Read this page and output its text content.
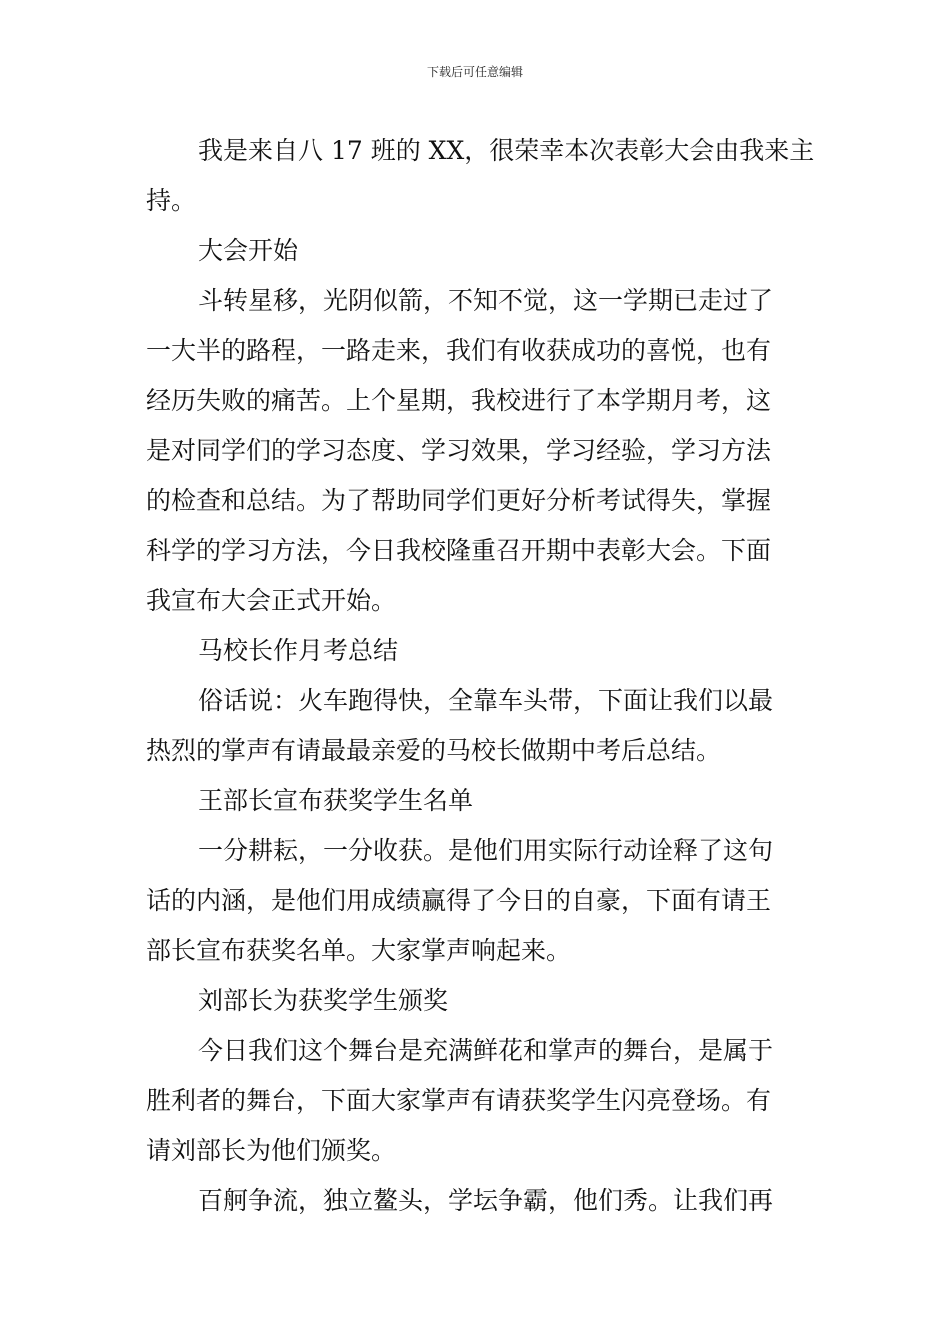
下载后可任意编辑

我是来自八 17 班的 XX，很荣幸本次表彰大会由我来主
持。

大会开始

斗转星移，光阴似箭，不知不觉，这一学期已走过了
一大半的路程，一路走来，我们有收获成功的喜悦，也有
经历失败的痛苦。上个星期，我校进行了本学期月考，这
是对同学们的学习态度、学习效果，学习经验，学习方法
的检查和总结。为了帮助同学们更好分析考试得失，掌握
科学的学习方法，今日我校隆重召开期中表彰大会。下面
我宣布大会正式开始。

马校长作月考总结

俗话说：火车跑得快，全靠车头带，下面让我们以最
热烈的掌声有请最最亲爱的马校长做期中考后总结。

王部长宣布获奖学生名单

一分耕耘，一分收获。是他们用实际行动诠释了这句
话的内涵，是他们用成绩赢得了今日的自豪，下面有请王
部长宣布获奖名单。大家掌声响起来。

刘部长为获奖学生颁奖

今日我们这个舞台是充满鲜花和掌声的舞台，是属于
胜利者的舞台，下面大家掌声有请获奖学生闪亮登场。有
请刘部长为他们颁奖。

百舸争流，独立鳌头，学坛争霸，他们秀。让我们再
